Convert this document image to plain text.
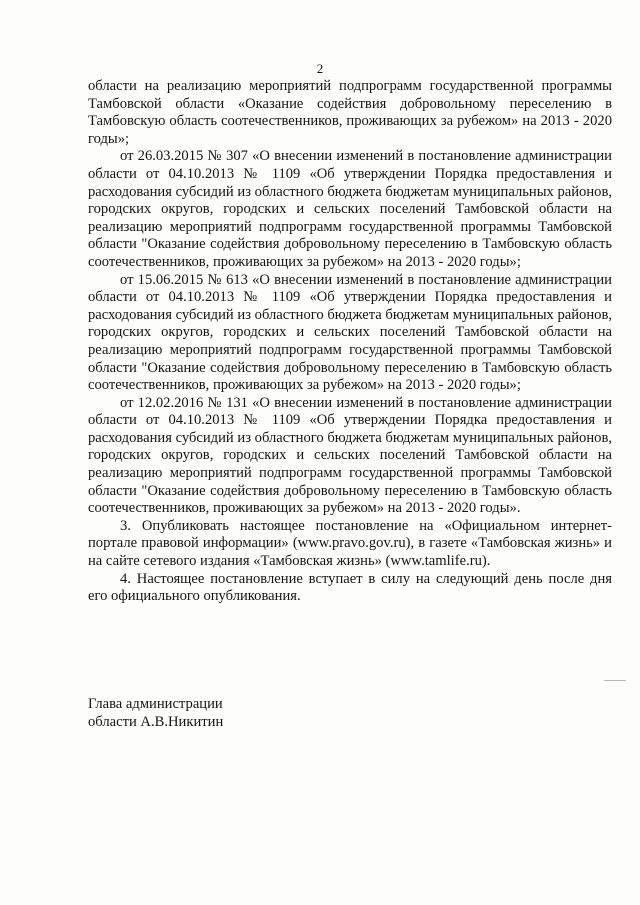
2

области на реализацию мероприятий подпрограмм государственной программы Тамбовской области «Оказание содействия добровольному переселению в Тамбовскую область соотечественников, проживающих за рубежом» на 2013 - 2020 годы»;

от 26.03.2015 № 307 «О внесении изменений в постановление администрации области от 04.10.2013 № 1109 «Об утверждении Порядка предоставления и расходования субсидий из областного бюджета бюджетам муниципальных районов, городских округов, городских и сельских поселений Тамбовской области на реализацию мероприятий подпрограмм государственной программы Тамбовской области "Оказание содействия добровольному переселению в Тамбовскую область соотечественников, проживающих за рубежом» на 2013 - 2020 годы»;

от 15.06.2015 № 613 «О внесении изменений в постановление администрации области от 04.10.2013 № 1109 «Об утверждении Порядка предоставления и расходования субсидий из областного бюджета бюджетам муниципальных районов, городских округов, городских и сельских поселений Тамбовской области на реализацию мероприятий подпрограмм государственной программы Тамбовской области "Оказание содействия добровольному переселению в Тамбовскую область соотечественников, проживающих за рубежом» на 2013 - 2020 годы»;

от 12.02.2016 № 131 «О внесении изменений в постановление администрации области от 04.10.2013 № 1109 «Об утверждении Порядка предоставления и расходования субсидий из областного бюджета бюджетам муниципальных районов, городских округов, городских и сельских поселений Тамбовской области на реализацию мероприятий подпрограмм государственной программы Тамбовской области "Оказание содействия добровольному переселению в Тамбовскую область соотечественников, проживающих за рубежом» на 2013 - 2020 годы».

3. Опубликовать настоящее постановление на «Официальном интернет-портале правовой информации» (www.pravo.gov.ru), в газете «Тамбовская жизнь» и на сайте сетевого издания «Тамбовская жизнь» (www.tamlife.ru).

4. Настоящее постановление вступает в силу на следующий день после дня его официального опубликования.

Глава администрации
области А.В.Никитин
